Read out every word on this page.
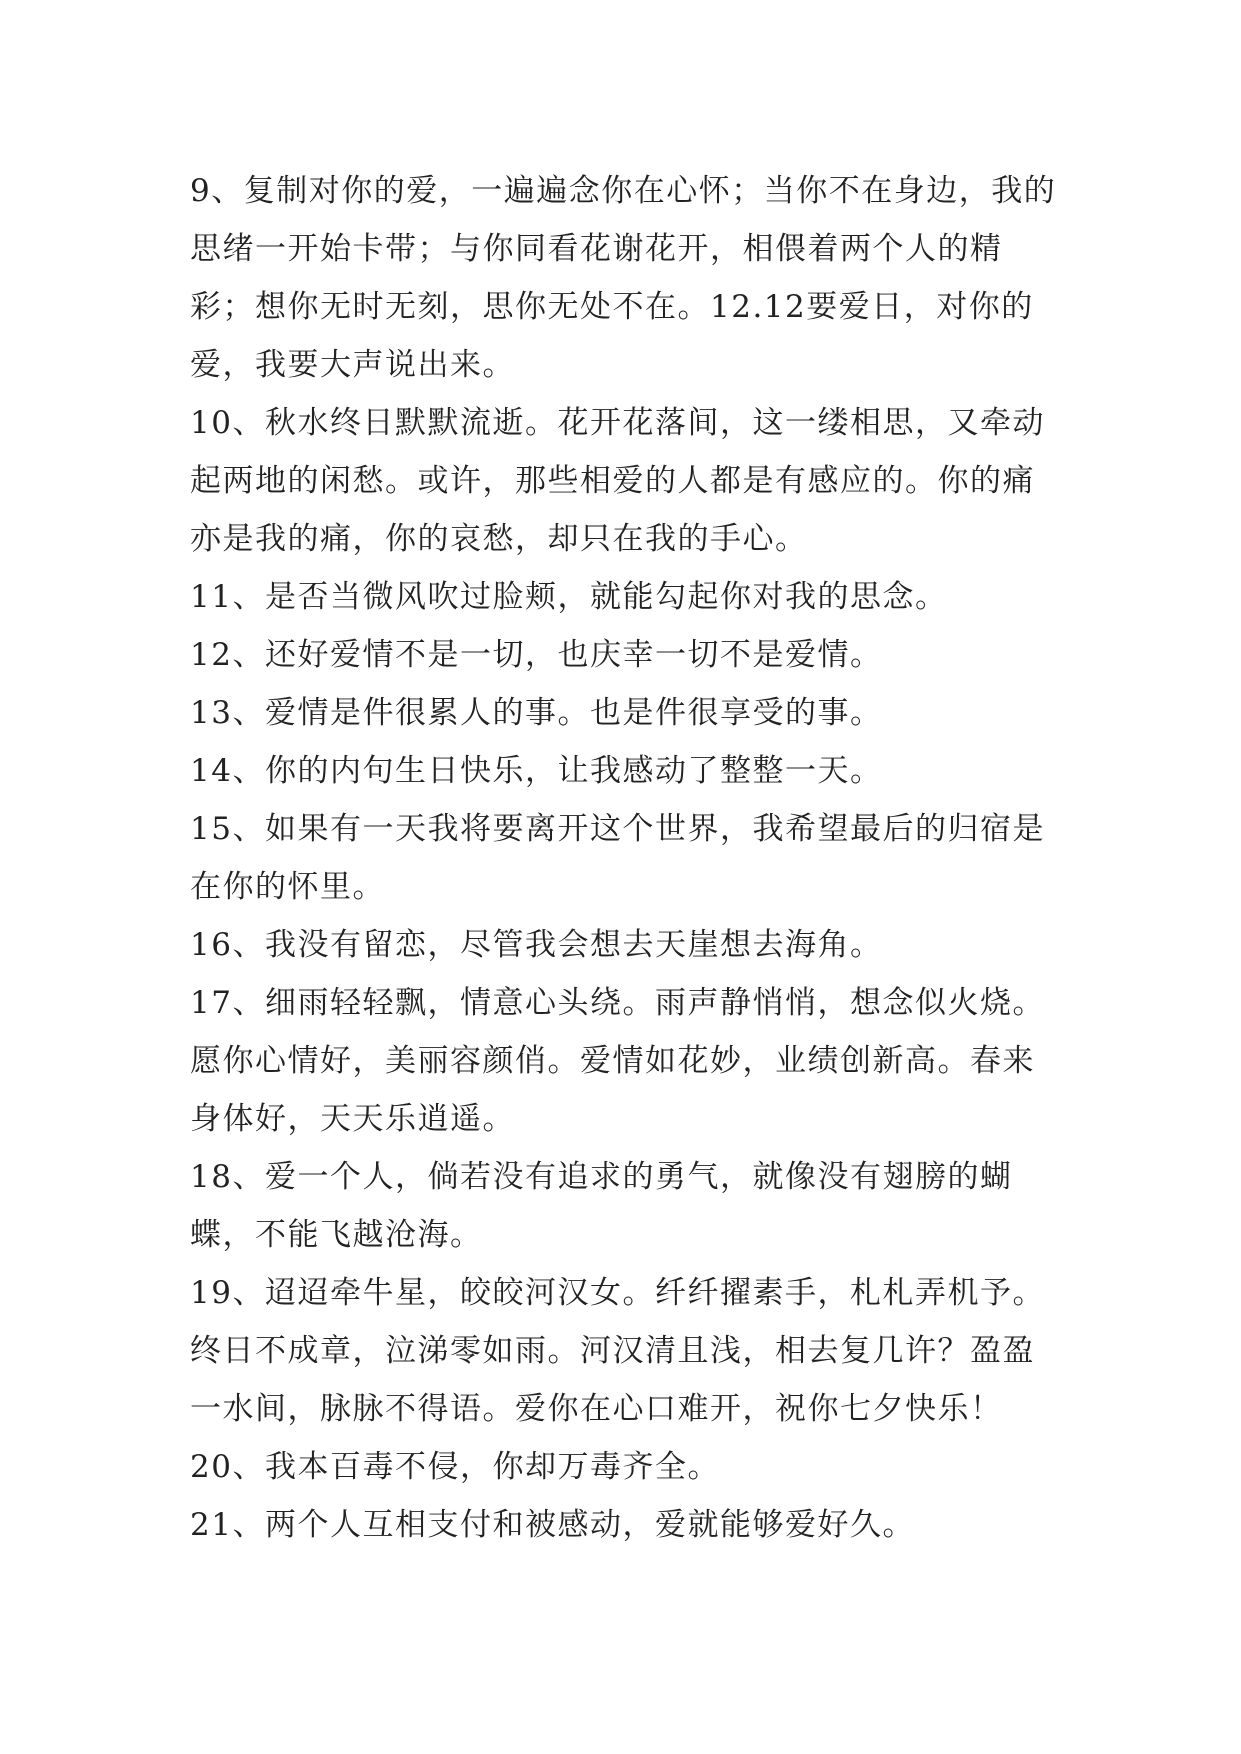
9、复制对你的爱，一遍遍念你在心怀；当你不在身边，我的思绪一开始卡带；与你同看花谢花开，相偎着两个人的精彩；想你无时无刻，思你无处不在。12.12要爱日，对你的爱，我要大声说出来。

10、秋水终日默默流逝。花开花落间，这一缕相思，又牵动起两地的闲愁。或许，那些相爱的人都是有感应的。你的痛亦是我的痛，你的哀愁，却只在我的手心。

11、是否当微风吹过脸颊，就能勾起你对我的思念。

12、还好爱情不是一切，也庆幸一切不是爱情。

13、爱情是件很累人的事。也是件很享受的事。

14、你的内句生日快乐，让我感动了整整一天。

15、如果有一天我将要离开这个世界，我希望最后的归宿是在你的怀里。

16、我没有留恋，尽管我会想去天崖想去海角。

17、细雨轻轻飘，情意心头绕。雨声静悄悄，想念似火烧。愿你心情好，美丽容颜俏。爱情如花妙，业绩创新高。春来身体好，天天乐逍遥。

18、爱一个人，倘若没有追求的勇气，就像没有翅膀的蝴蝶，不能飞越沧海。

19、迢迢牵牛星，皎皎河汉女。纤纤擢素手，札札弄机予。终日不成章，泣涕零如雨。河汉清且浅，相去复几许？盈盈一水间，脉脉不得语。爱你在心口难开，祝你七夕快乐！

20、我本百毒不侵，你却万毒齐全。

21、两个人互相支付和被感动，爱就能够爱好久。
